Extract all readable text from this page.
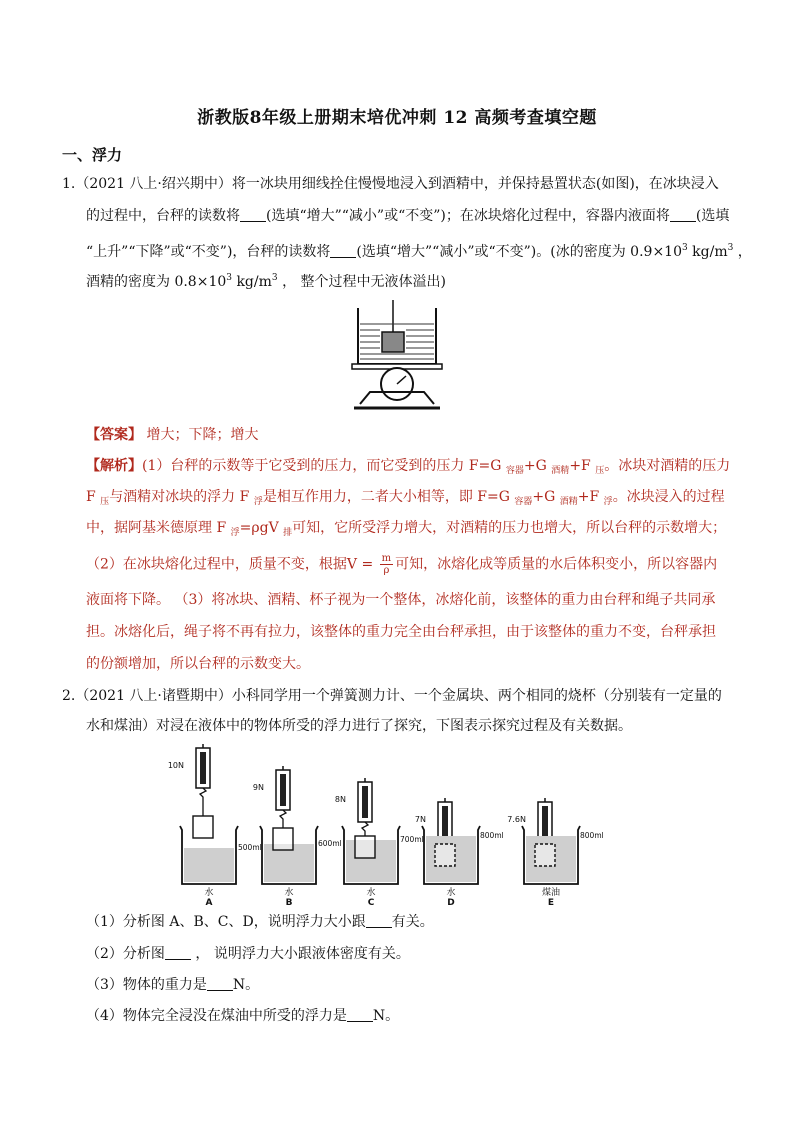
浙教版8年级上册期末培优冲刺 12 高频考查填空题
一、浮力
1.（2021 八上·绍兴期中）将一冰块用细线拴住慢慢地浸入到酒精中，并保持悬置状态(如图)，在冰块浸入
的过程中，台秤的读数将 (选填“增大”“减小”或“不变”)；在冰块熔化过程中，容器内液面将 (选填
“上升”“下降”或“不变”)，台秤的读数将 (选填“增大”“减小”或“不变”)。(冰的密度为 $0.9\times 10^3$ $kg/m^3$ ，
酒精的密度为 $0.8\times 10^3$ $kg/m^3$ ， 整个过程中无液体溢出)
【答案】 增大；下降；增大
【解析】(1）台秤的示数等于它受到的压力，而它受到的压力 F=G $_{容器}$+G $_{酒精}$+F $_压$。冰块对酒精的压力
F $_压$与酒精对冰块的浮力 F $_浮$是相互作用力，二者大小相等，即 F=G $_{容器}$+G $_{酒精}$+F $_浮$。冰块浸入的过程
中，据阿基米德原理 F $_浮$=ρgV $_排$可知，它所受浮力增大，对酒精的压力也增大，所以台秤的示数增大；
（2）在冰块熔化过程中，质量不变，根据$V = \frac{m}{\rho}$ 可知，冰熔化成等质量的水后体积变小，所以容器内
液面将下降。 （3）将冰块、酒精、杯子视为一个整体，冰熔化前，该整体的重力由台秤和绳子共同承
担。冰熔化后，绳子将不再有拉力，该整体的重力完全由台秤承担，由于该整体的重力不变，台秤承担
的份额增加，所以台秤的示数变大。
2.（2021 八上·诸暨期中）小科同学用一个弹簧测力计、一个金属块、两个相同的烧杯（分别装有一定量的
水和煤油）对浸在液体中的物体所受的浮力进行了探究，下图表示探究过程及有关数据。
10N
500ml
水
A
9N
600ml
水
B
8N
700ml
水
C
7N
800ml
水
D
7.6N
800ml
煤油
E
（1）分析图 A、B、C、D，说明浮力大小跟 有关。
（2）分析图 ， 说明浮力大小跟液体密度有关。
（3）物体的重力是 N。
（4）物体完全浸没在煤油中所受的浮力是 N。
